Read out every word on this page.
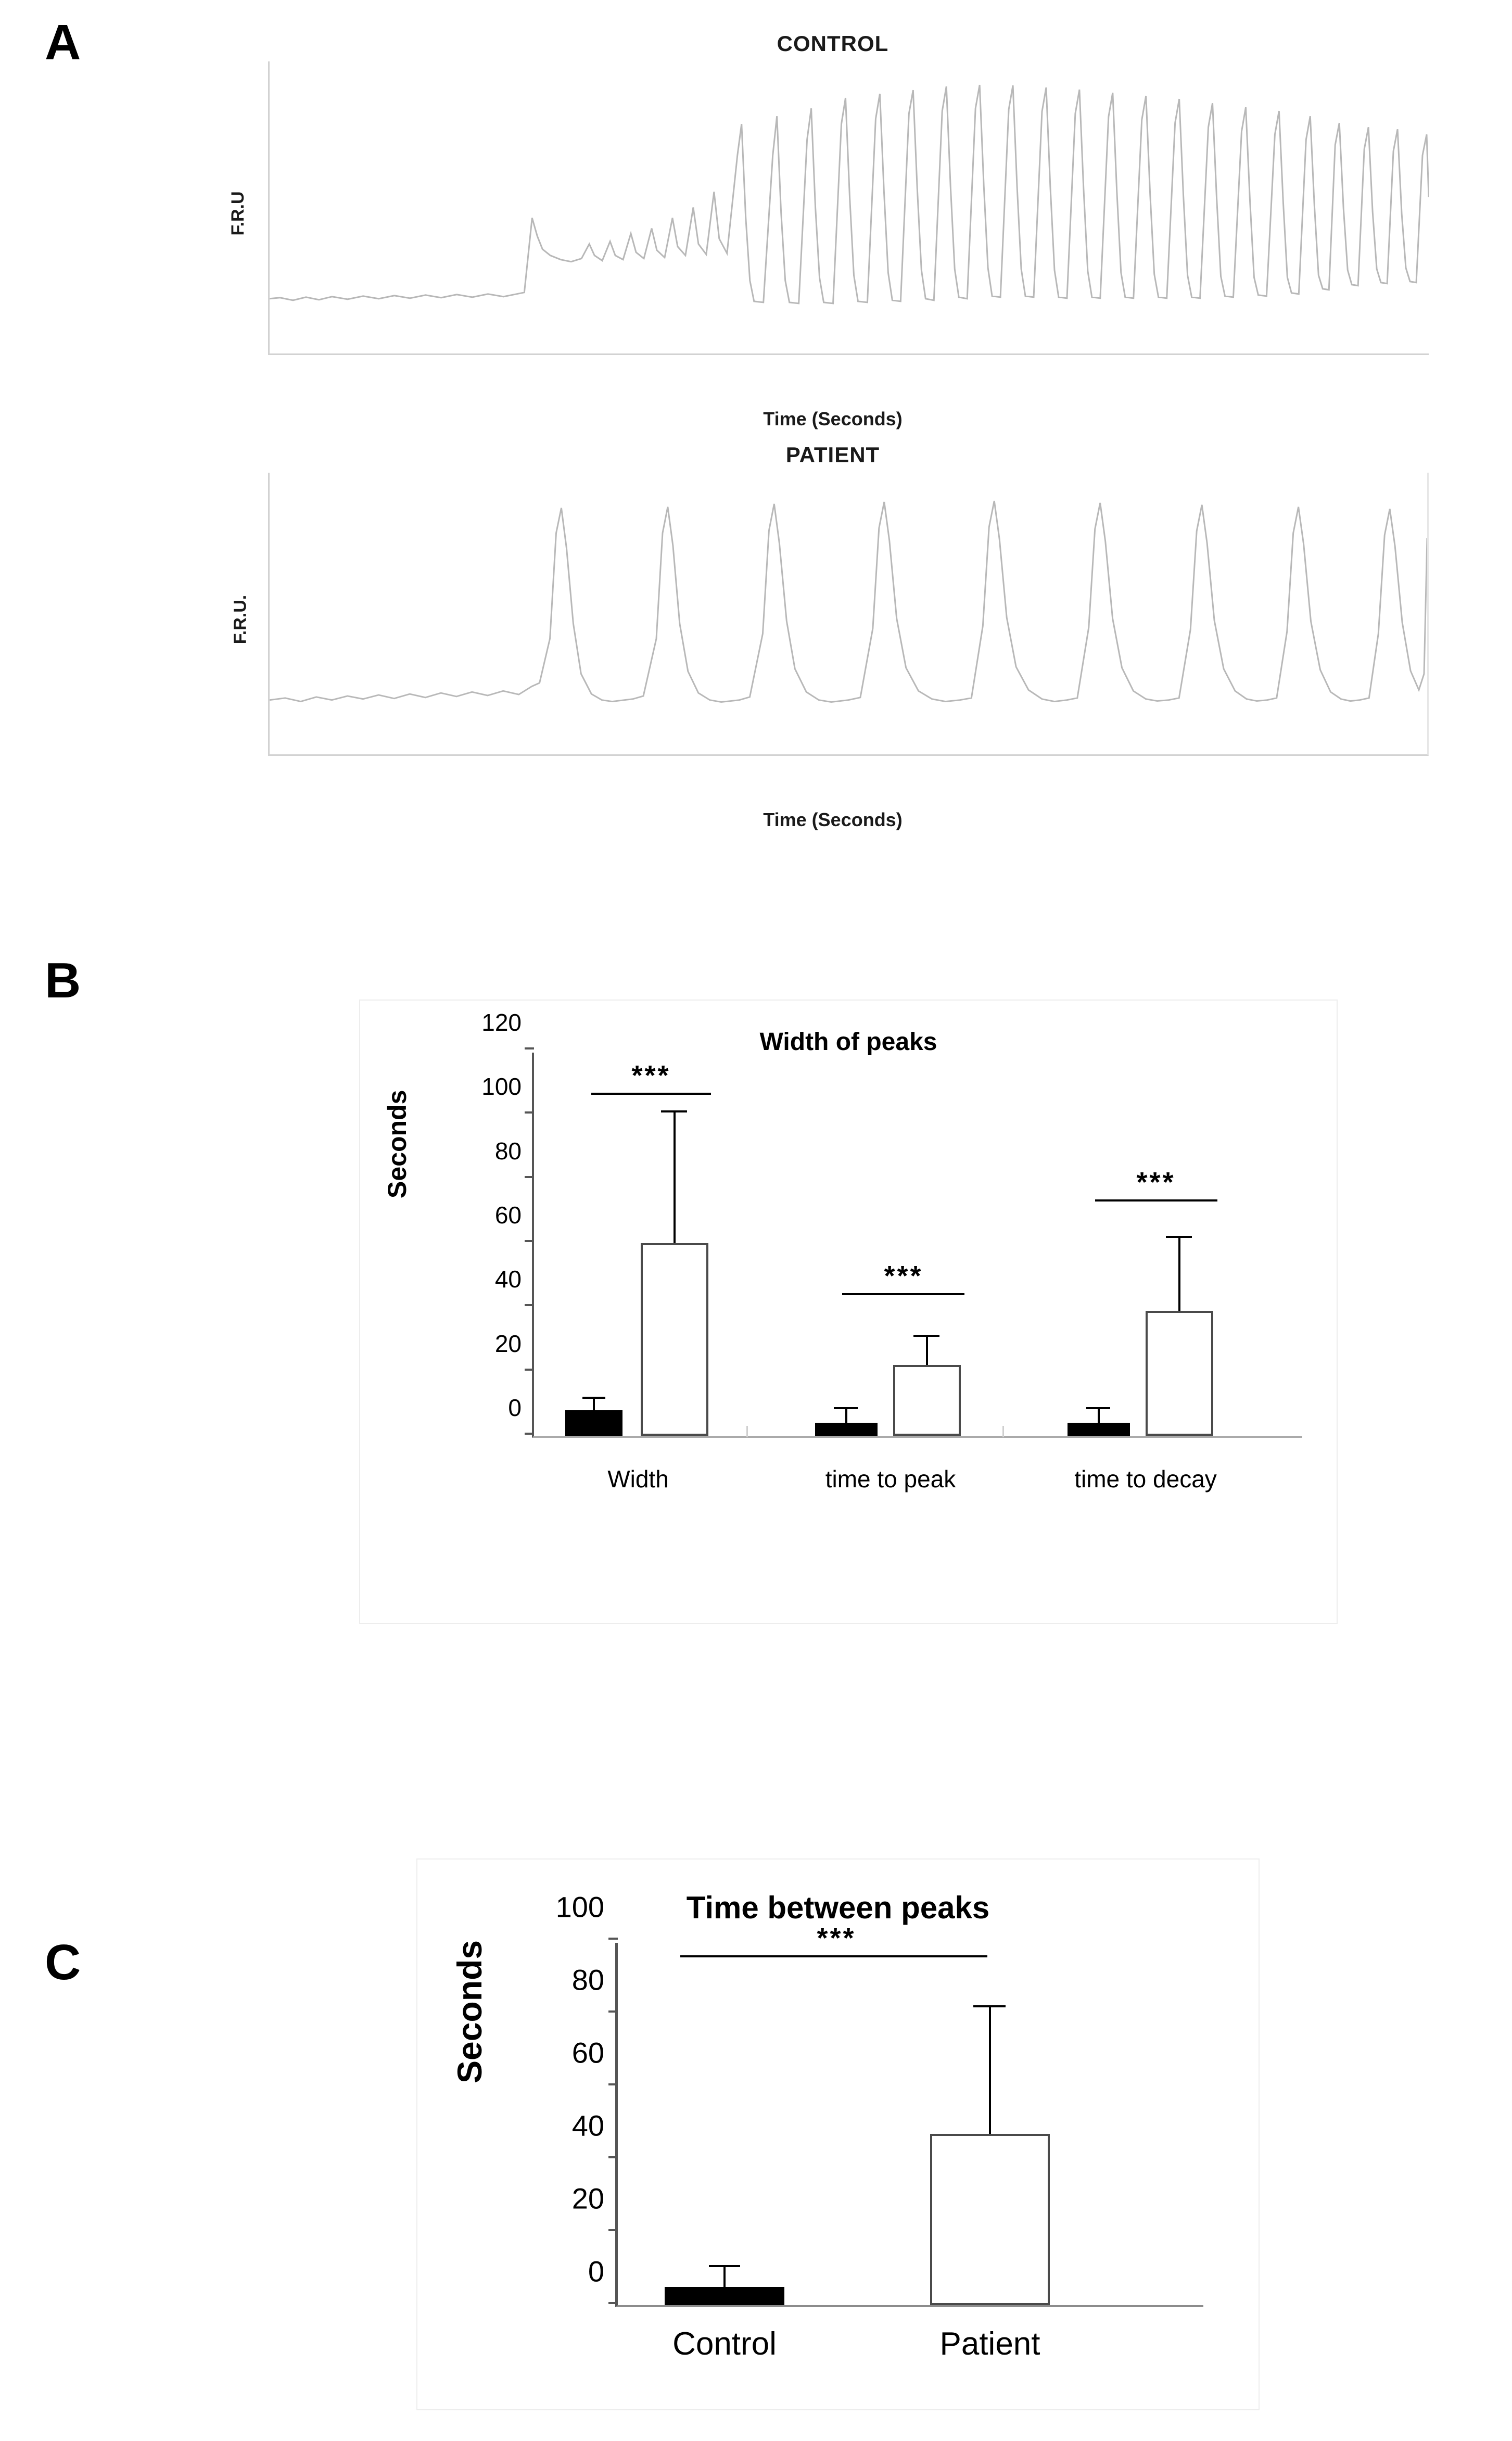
A	CONTROL
F.R.U
Time (Seconds)
PATIENT
F.R.U.
Time (Seconds)
B
Width of peaks
Seconds
0
20
40
60
80
100
120
***
***
***
Width	time to peak	time to decay
C
Time between peaks
Seconds
0
20
40
60
80
100
***
Control	Patient
